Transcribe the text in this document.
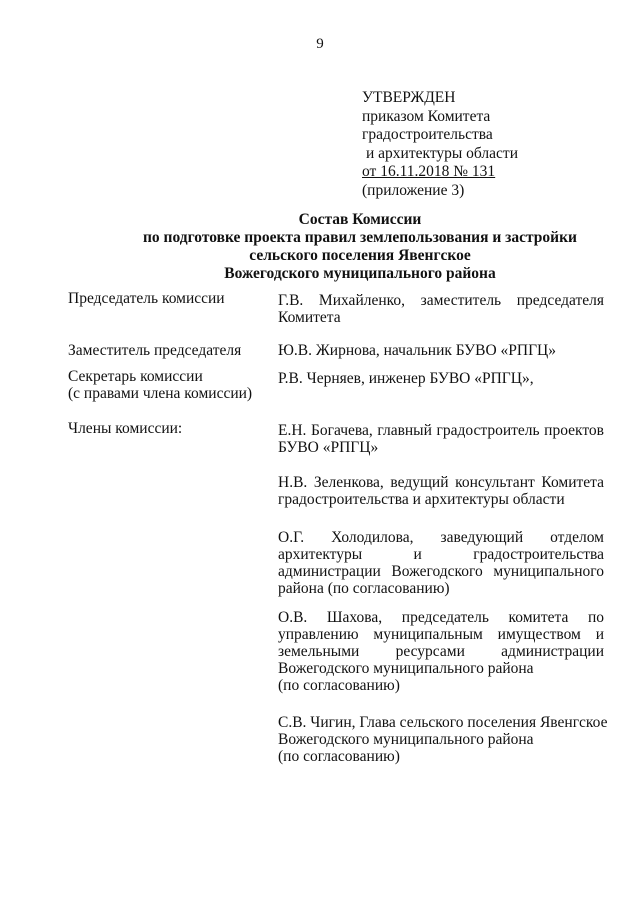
9
УТВЕРЖДЕН
приказом Комитета
градостроительства
и архитектуры области
от 16.11.2018 № 131
(приложение 3)
Состав Комиссии
по подготовке проекта правил землепользования и застройки
сельского поселения Явенгское
Вожегодского муниципального района
Председатель комиссии	Г.В. Михайленко, заместитель председателя
Комитета
Заместитель председателя Ю.В. Жирнова, начальник БУВО «РПГЦ»
Секретарь комиссии
(с правами члена комиссии)
Р.В. Черняев, инженер БУВО «РПГЦ»,
Члены комиссии:	Е.Н. Богачева, главный градостроитель проектов
БУВО «РПГЦ»
Н.В. Зеленкова, ведущий консультант Комитета
градостроительства и архитектуры области
О.Г. Холодилова, заведующий отделом
архитектуры и градостроительства
администрации Вожегодского муниципального
района (по согласованию)
О.В. Шахова, председатель комитета по
управлению муниципальным имуществом и
земельными ресурсами администрации
Вожегодского муниципального района
(по согласованию)
С.В. Чигин, Глава сельского поселения Явенгское
Вожегодского муниципального района
(по согласованию)
